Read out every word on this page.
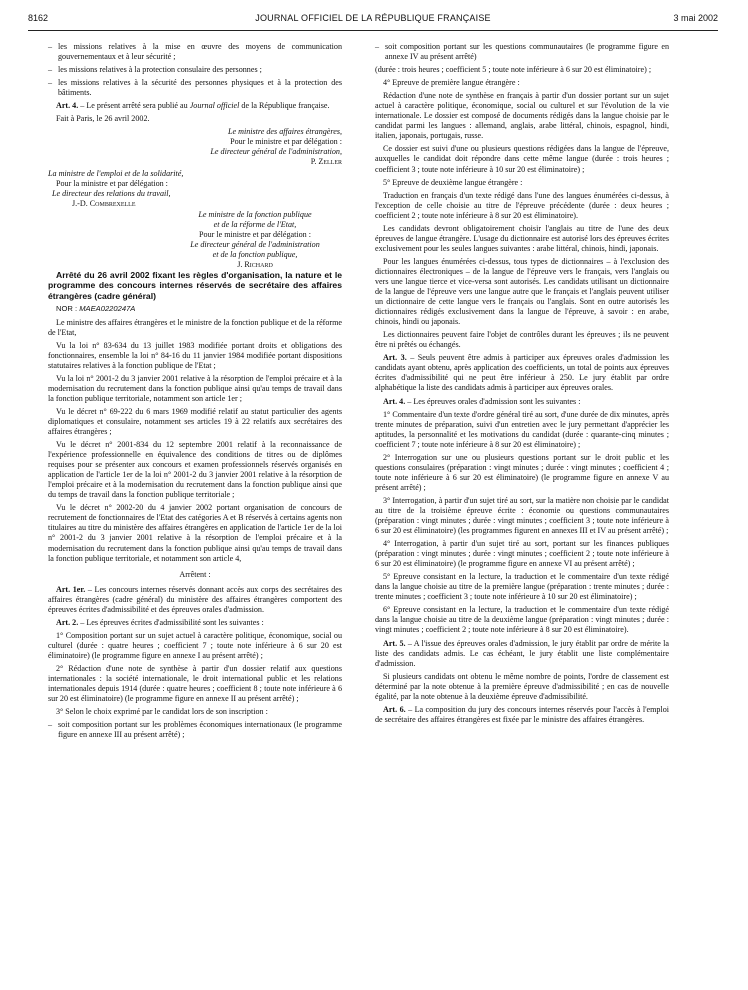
8162	JOURNAL OFFICIEL DE LA RÉPUBLIQUE FRANÇAISE	3 mai 2002

– les missions relatives à la mise en œuvre des moyens de communication gouvernementaux et à leur sécurité ;

– les missions relatives à la protection consulaire des personnes ;

– les missions relatives à la sécurité des personnes physiques et à la protection des bâtiments.

Art. 4. – Le présent arrêté sera publié au Journal officiel de la République française.

Fait à Paris, le 26 avril 2002.

Le ministre des affaires étrangères,

Pour le ministre et par délégation :

Le directeur général de l'administration,

P. Zeller

La ministre de l'emploi et de la solidarité,

Pour la ministre et par délégation :

Le directeur des relations du travail,

J.-D. Combrexelle

Le ministre de la fonction publique

et de la réforme de l'Etat,

Pour le ministre et par délégation :

Le directeur général de l'administration

et de la fonction publique,

J. Richard

Arrêté du 26 avril 2002 fixant les règles d'organisation, la nature et le programme des concours internes réservés de secrétaire des affaires étrangères (cadre général)

NOR : MAEA0220247A

Le ministre des affaires étrangères et le ministre de la fonction publique et de la réforme de l'Etat,

Vu la loi n° 83-634 du 13 juillet 1983 modifiée portant droits et obligations des fonctionnaires, ensemble la loi n° 84-16 du 11 janvier 1984 modifiée portant dispositions statutaires relatives à la fonction publique de l'Etat ;

Vu la loi n° 2001-2 du 3 janvier 2001 relative à la résorption de l'emploi précaire et à la modernisation du recrutement dans la fonction publique ainsi qu'au temps de travail dans la fonction publique territoriale, notamment son article 1er ;

Vu le décret n° 69-222 du 6 mars 1969 modifié relatif au statut particulier des agents diplomatiques et consulaire, notamment ses articles 19 à 22 relatifs aux secrétaires des affaires étrangères ;

Vu le décret n° 2001-834 du 12 septembre 2001 relatif à la reconnaissance de l'expérience professionnelle en équivalence des conditions de titres ou de diplômes requises pour se présenter aux concours et examen professionnels réservés organisés en application de l'article 1er de la loi n° 2001-2 du 3 janvier 2001 relative à la résorption de l'emploi précaire et à la modernisation du recrutement dans la fonction publique ainsi que du temps de travail dans la fonction publique territoriale ;

Vu le décret n° 2002-20 du 4 janvier 2002 portant organisation de concours de recrutement de fonctionnaires de l'Etat des catégories A et B réservés à certains agents non titulaires au titre du ministère des affaires étrangères en application de l'article 1er de la loi n° 2001-2 du 3 janvier 2001 relative à la résorption de l'emploi précaire et à la modernisation du recrutement dans la fonction publique ainsi qu'au temps de travail dans la fonction publique territoriale, et notamment son article 4,

Arrêtent :

Art. 1er. – Les concours internes réservés donnant accès aux corps des secrétaires des affaires étrangères (cadre général) du ministère des affaires étrangères comportent des épreuves écrites d'admissibilité et des épreuves orales d'admission.

Art. 2. – Les épreuves écrites d'admissibilité sont les suivantes :

1° Composition portant sur un sujet actuel à caractère politique, économique, social ou culturel (durée : quatre heures ; coefficient 7 ; toute note inférieure à 6 sur 20 est éliminatoire) (le programme figure en annexe I au présent arrêté) ;

2° Rédaction d'une note de synthèse à partir d'un dossier relatif aux questions internationales : la société internationale, le droit international public et les relations internationales depuis 1914 (durée : quatre heures ; coefficient 8 ; toute note inférieure à 6 sur 20 est éliminatoire) (le programme figure en annexe II au présent arrêté) ;

3° Selon le choix exprimé par le candidat lors de son inscription :

– soit composition portant sur les problèmes économiques internationaux (le programme figure en annexe III au présent arrêté) ;

– soit composition portant sur les questions communautaires (le programme figure en annexe IV au présent arrêté)

(durée : trois heures ; coefficient 5 ; toute note inférieure à 6 sur 20 est éliminatoire) ;

4° Epreuve de première langue étrangère :

Rédaction d'une note de synthèse en français à partir d'un dossier portant sur un sujet actuel à caractère politique, économique, social ou culturel et sur l'évolution de la vie internationale. Le dossier est composé de documents rédigés dans la langue choisie par le candidat parmi les langues : allemand, anglais, arabe littéral, chinois, espagnol, hindi, italien, japonais, portugais, russe.

Ce dossier est suivi d'une ou plusieurs questions rédigées dans la langue de l'épreuve, auxquelles le candidat doit répondre dans cette même langue (durée : trois heures ; coefficient 3 ; toute note inférieure à 10 sur 20 est éliminatoire) ;

5° Epreuve de deuxième langue étrangère :

Traduction en français d'un texte rédigé dans l'une des langues énumérées ci-dessus, à l'exception de celle choisie au titre de l'épreuve précédente (durée : deux heures ; coefficient 2 ; toute note inférieure à 8 sur 20 est éliminatoire).

Les candidats devront obligatoirement choisir l'anglais au titre de l'une des deux épreuves de langue étrangère. L'usage du dictionnaire est autorisé lors des épreuves écrites exclusivement pour les seules langues suivantes : arabe littéral, chinois, hindi, japonais.

Pour les langues énumérées ci-dessus, tous types de dictionnaires – à l'exclusion des dictionnaires électroniques – de la langue de l'épreuve vers le français, vers l'anglais ou vers une langue tierce et vice-versa sont autorisés. Les candidats utilisant un dictionnaire de la langue de l'épreuve vers une langue autre que le français et l'anglais peuvent utiliser un dictionnaire de cette langue vers le français ou l'anglais. Sont en outre autorisés les dictionnaires rédigés exclusivement dans la langue de l'épreuve, à savoir : en arabe, chinois, hindi ou japonais.

Les dictionnaires peuvent faire l'objet de contrôles durant les épreuves ; ils ne peuvent être ni prêtés ou échangés.

Art. 3. – Seuls peuvent être admis à participer aux épreuves orales d'admission les candidats ayant obtenu, après application des coefficients, un total de points aux épreuves écrites d'admissibilité qui ne peut être inférieur à 250. Le jury établit par ordre alphabétique la liste des candidats admis à participer aux épreuves orales.

Art. 4. – Les épreuves orales d'admission sont les suivantes :

1° Commentaire d'un texte d'ordre général tiré au sort, d'une durée de dix minutes, après trente minutes de préparation, suivi d'un entretien avec le jury permettant d'apprécier les aptitudes, la personnalité et les motivations du candidat (durée : quarante-cinq minutes ; coefficient 7 ; toute note inférieure à 8 sur 20 est éliminatoire) ;

2° Interrogation sur une ou plusieurs questions portant sur le droit public et les questions consulaires (préparation : vingt minutes ; durée : vingt minutes ; coefficient 4 ; toute note inférieure à 6 sur 20 est éliminatoire) (le programme figure en annexe V au présent arrêté) ;

3° Interrogation, à partir d'un sujet tiré au sort, sur la matière non choisie par le candidat au titre de la troisième épreuve écrite : économie ou questions communautaires (préparation : vingt minutes ; durée : vingt minutes ; coefficient 3 ; toute note inférieure à 6 sur 20 est éliminatoire) (les programmes figurent en annexes III et IV au présent arrêté) ;

4° Interrogation, à partir d'un sujet tiré au sort, portant sur les finances publiques (préparation : vingt minutes ; durée : vingt minutes ; coefficient 2 ; toute note inférieure à 6 sur 20 est éliminatoire) (le programme figure en annexe VI au présent arrêté) ;

5° Epreuve consistant en la lecture, la traduction et le commentaire d'un texte rédigé dans la langue choisie au titre de la première langue (préparation : trente minutes ; durée : trente minutes ; coefficient 3 ; toute note inférieure à 10 sur 20 est éliminatoire) ;

6° Epreuve consistant en la lecture, la traduction et le commentaire d'un texte rédigé dans la langue choisie au titre de la deuxième langue (préparation : vingt minutes ; durée : vingt minutes ; coefficient 2 ; toute note inférieure à 8 sur 20 est éliminatoire).

Art. 5. – A l'issue des épreuves orales d'admission, le jury établit par ordre de mérite la liste des candidats admis. Le cas échéant, le jury établit une liste complémentaire d'admission.

Si plusieurs candidats ont obtenu le même nombre de points, l'ordre de classement est déterminé par la note obtenue à la première épreuve d'admissibilité ; en cas de nouvelle égalité, par la note obtenue à la deuxième épreuve d'admissibilité.

Art. 6. – La composition du jury des concours internes réservés pour l'accès à l'emploi de secrétaire des affaires étrangères est fixée par le ministre des affaires étrangères.
